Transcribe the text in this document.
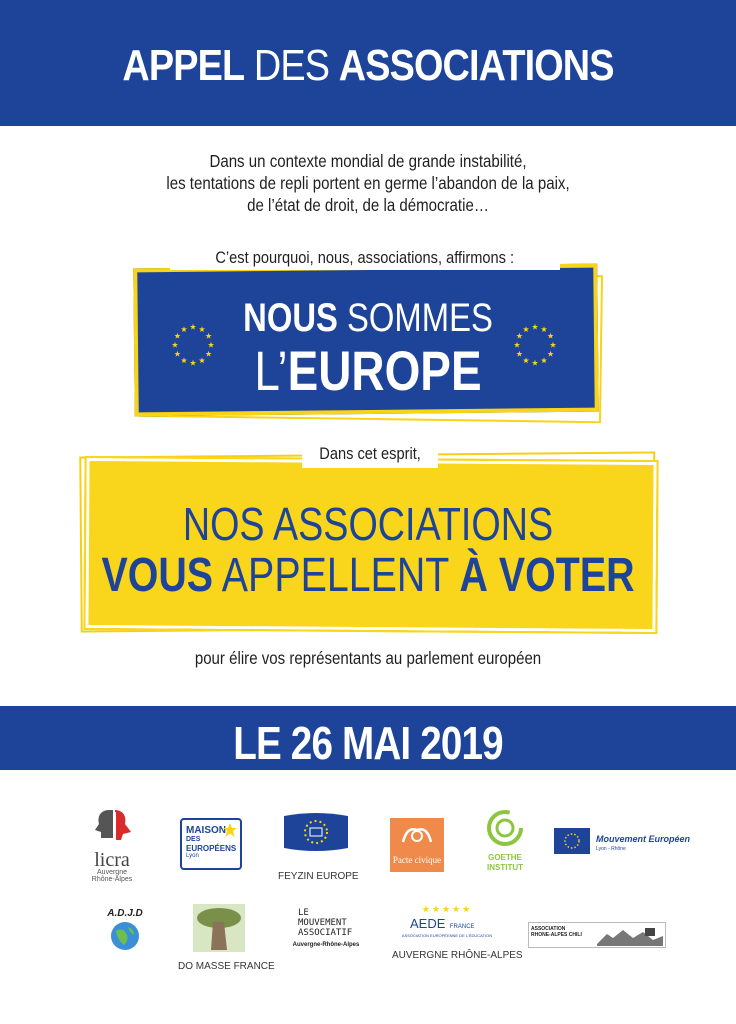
APPEL DES ASSOCIATIONS
Dans un contexte mondial de grande instabilité,
les tentations de repli portent en germe l’abandon de la paix,
de l’état de droit, de la démocratie…
C’est pourquoi, nous, associations, affirmons :
NOUS SOMMES
L’EUROPE
Dans cet esprit,
NOS ASSOCIATIONS
VOUS APPELLENT À VOTER
pour élire vos représentants au parlement européen
LE 26 MAI 2019
licra
Auvergne
Rhône-Alpes
MAISON
DES
EUROPÉENS
Lyon
FEYZIN EUROPE
Pacte civique	GOETHE
INSTITUT
Mouvement Européen
Lyon - Rhône
A.D.J.D
DO MASSE FRANCE
LE
MOUVEMENT
ASSOCIATIF
Auvergne-Rhône-Alpes
★★★★★
AEDE FRANCE
ASSOCIATION EUROPÉENNE DE L'ÉDUCATION
AUVERGNE RHÔNE-ALPES
ASSOCIATION
RHONE-ALPES CHILI
